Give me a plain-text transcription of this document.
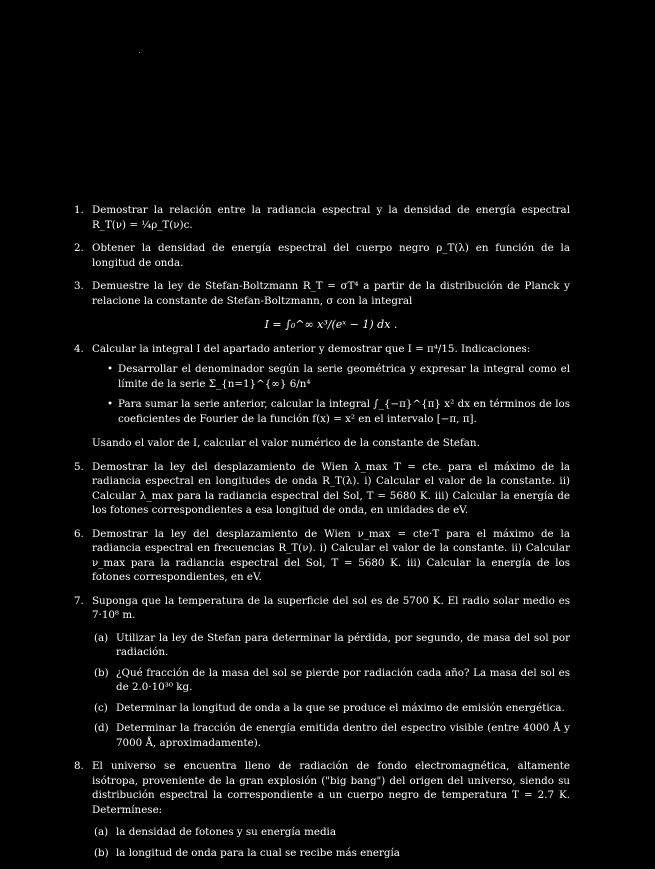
1. Demostrar la relación entre la radiancia espectral y la densidad de energía espectral R_T(ν) = ¼ρ_T(ν)c.
2. Obtener la densidad de energía espectral del cuerpo negro ρ_T(λ) en función de la longitud de onda.
3. Demuestre la ley de Stefan-Boltzmann R_T = σT⁴ a partir de la distribución de Planck y relacione la constante de Stefan-Boltzmann, σ con la integral
I = ∫₀^∞ x³/(eˣ − 1) dx .
4. Calcular la integral I del apartado anterior y demostrar que I = π⁴/15. Indicaciones:
• Desarrollar el denominador según la serie geométrica y expresar la integral como el límite de la serie Σ_{n=1}^{∞} 6/n⁴
• Para sumar la serie anterior, calcular la integral ∫_{−π}^{π} x² dx en términos de los coeficientes de Fourier de la función f(x) = x² en el intervalo [−π, π].
Usando el valor de I, calcular el valor numérico de la constante de Stefan.
5. Demostrar la ley del desplazamiento de Wien λ_max T = cte. para el máximo de la radiancia espectral en longitudes de onda R_T(λ). i) Calcular el valor de la constante. ii) Calcular λ_max para la radiancia espectral del Sol, T = 5680 K. iii) Calcular la energía de los fotones correspondientes a esa longitud de onda, en unidades de eV.
6. Demostrar la ley del desplazamiento de Wien ν_max = cte·T para el máximo de la radiancia espectral en frecuencias R_T(ν). i) Calcular el valor de la constante. ii) Calcular ν_max para la radiancia espectral del Sol, T = 5680 K. iii) Calcular la energía de los fotones correspondientes, en eV.
7. Suponga que la temperatura de la superficie del sol es de 5700 K. El radio solar medio es 7·10⁸ m.
(a) Utilizar la ley de Stefan para determinar la pérdida, por segundo, de masa del sol por radiación.
(b) ¿Qué fracción de la masa del sol se pierde por radiación cada año? La masa del sol es de 2.0·10³⁰ kg.
(c) Determinar la longitud de onda a la que se produce el máximo de emisión energética.
(d) Determinar la fracción de energía emitida dentro del espectro visible (entre 4000 Å y 7000 Å, aproximadamente).
8. El universo se encuentra lleno de radiación de fondo electromagnética, altamente isótropa, proveniente de la gran explosión ("big bang") del origen del universo, siendo su distribución espectral la correspondiente a un cuerpo negro de temperatura T = 2.7 K. Determínese:
(a) la densidad de fotones y su energía media
(b) la longitud de onda para la cual se recibe más energía
